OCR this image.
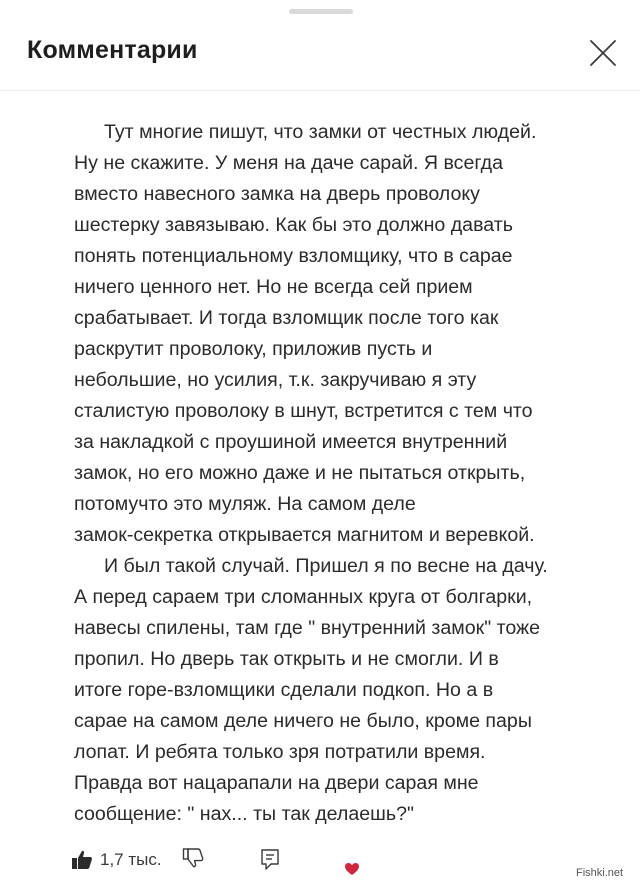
Комментарии
Тут многие пишут, что замки от честных людей.
Ну не скажите. У меня на даче сарай. Я всегда
вместо навесного замка на дверь проволоку
шестерку завязываю. Как бы это должно давать
понять потенциальному взломщику, что в сарае
ничего ценного нет. Но не всегда сей прием
срабатывает. И тогда взломщик после того как
раскрутит проволоку, приложив пусть и
небольшие, но усилия, т.к. закручиваю я эту
сталистую проволоку в шнут, встретится с тем что
за накладкой с проушиной имеется внутренний
замок, но его можно даже и не пытаться открыть,
потомучто это муляж. На самом деле
замок-секретка открывается магнитом и веревкой.
И был такой случай. Пришел я по весне на дачу.
А перед сараем три сломанных круга от болгарки,
навесы спилены, там где " внутренний замок" тоже
пропил. Но дверь так открыть и не смогли. И в
итоге горе-взломщики сделали подкоп. Но а в
сарае на самом деле ничего не было, кроме пары
лопат. И ребята только зря потратили время.
Правда вот нацарапали на двери сарая мне
сообщение: " нах... ты так делаешь?"
1,7 тыс.
Fishki.net
